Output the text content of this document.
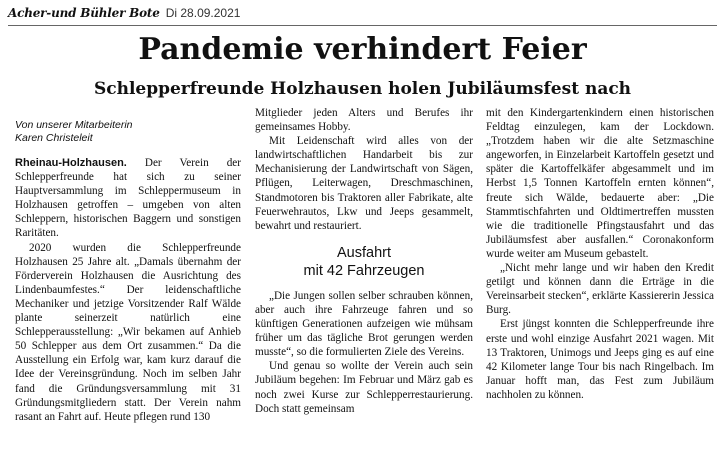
Acher-und Bühler Bote Di 28.09.2021
Pandemie verhindert Feier
Schlepperfreunde Holzhausen holen Jubiläumsfest nach
Von unserer Mitarbeiterin
Karen Christeleit

Rheinau-Holzhausen. Der Verein der Schlepperfreunde hat sich zu seiner Hauptversammlung im Schleppermuseum in Holzhausen getroffen – umgeben von alten Schleppern, historischen Baggern und sonstigen Raritäten.

2020 wurden die Schlepperfreunde Holzhausen 25 Jahre alt. „Damals übernahm der Förderverein Holzhausen die Ausrichtung des Lindenbaumfestes.“ Der leidenschaftliche Mechaniker und jetzige Vorsitzender Ralf Wälde plante seinerzeit natürlich eine Schlepperausstellung: „Wir bekamen auf Anhieb 50 Schlepper aus dem Ort zusammen.“ Da die Ausstellung ein Erfolg war, kam kurz darauf die Idee der Vereinsgründung. Noch im selben Jahr fand die Gründungsversammlung mit 31 Gründungsmitgliedern statt. Der Verein nahm rasant an Fahrt auf. Heute pflegen rund 130

Mitglieder jeden Alters und Berufes ihr gemeinsames Hobby.

Mit Leidenschaft wird alles von der landwirtschaftlichen Handarbeit bis zur Mechanisierung der Landwirtschaft von Sägen, Pflügen, Leiterwagen, Dreschmaschinen, Standmotoren bis Traktoren aller Fabrikate, alte Feuerwehrautos, Lkw und Jeeps gesammelt, bewahrt und restauriert.

Ausfahrt
mit 42 Fahrzeugen

„Die Jungen sollen selber schrauben können, aber auch ihre Fahrzeuge fahren und so künftigen Generationen aufzeigen wie mühsam früher um das tägliche Brot gerungen werden musste“, so die formulierten Ziele des Vereins.

Und genau so wollte der Verein auch sein Jubiläum begehen: Im Februar und März gab es noch zwei Kurse zur Schlepperrestaurierung. Doch statt gemeinsam

mit den Kindergartenkindern einen historischen Feldtag einzulegen, kam der Lockdown. „Trotzdem haben wir die alte Setzmaschine angeworfen, in Einzelarbeit Kartoffeln gesetzt und später die Kartoffelkäfer abgesammelt und im Herbst 1,5 Tonnen Kartoffeln ernten können“, freute sich Wälde, bedauerte aber: „Die Stammtischfahrten und Oldtimertreffen mussten wie die traditionelle Pfingstausfahrt und das Jubiläumsfest aber ausfallen.“ Coronakonform wurde weiter am Museum gebastelt.

„Nicht mehr lange und wir haben den Kredit getilgt und können dann die Erträge in die Vereinsarbeit stecken“, erklärte Kassiererin Jessica Burg.

Erst jüngst konnten die Schlepperfreunde ihre erste und wohl einzige Ausfahrt 2021 wagen. Mit 13 Traktoren, Unimogs und Jeeps ging es auf eine 42 Kilometer lange Tour bis nach Ringelbach. Im Januar hofft man, das Fest zum Jubiläum nachholen zu können.
